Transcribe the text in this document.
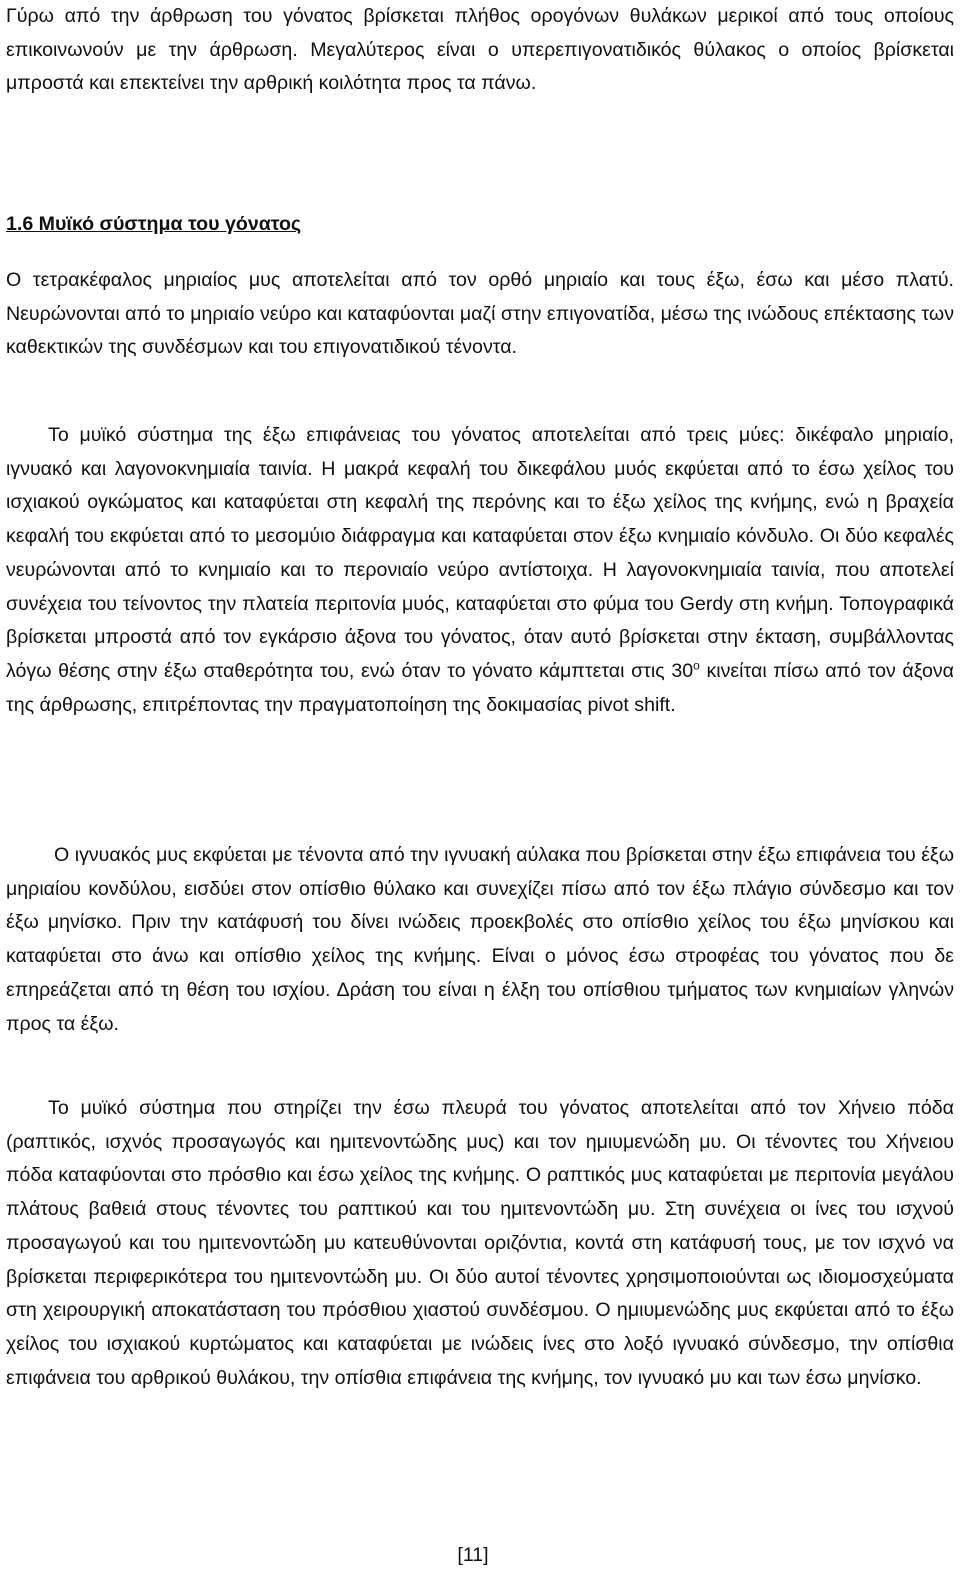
Γύρω από την άρθρωση του γόνατος βρίσκεται πλήθος ορογόνων θυλάκων μερικοί από τους οποίους επικοινωνούν με την άρθρωση. Μεγαλύτερος είναι ο υπερεπιγονατιδικός θύλακος ο οποίος βρίσκεται μπροστά και επεκτείνει την αρθρική κοιλότητα προς τα πάνω.

1.6 Μυϊκό σύστημα του γόνατος

Ο τετρακέφαλος μηριαίος μυς αποτελείται από τον ορθό μηριαίο και τους έξω, έσω και μέσο πλατύ. Νευρώνονται από το μηριαίο νεύρο και καταφύονται μαζί στην επιγονατίδα, μέσω της ινώδους επέκτασης των καθεκτικών της συνδέσμων και του επιγονατιδικού τένοντα.

Το μυϊκό σύστημα της έξω επιφάνειας του γόνατος αποτελείται από τρεις μύες: δικέφαλο μηριαίο, ιγνυακό και λαγονοκνημιαία ταινία. Η μακρά κεφαλή του δικεφάλου μυός εκφύεται από το έσω χείλος του ισχιακού ογκώματος και καταφύεται στη κεφαλή της περόνης και το έξω χείλος της κνήμης, ενώ η βραχεία κεφαλή του εκφύεται από το μεσομύιο διάφραγμα και καταφύεται στον έξω κνημιαίο κόνδυλο. Οι δύο κεφαλές νευρώνονται από το κνημιαίο και το περονιαίο νεύρο αντίστοιχα. Η λαγονοκνημιαία ταινία, που αποτελεί συνέχεια του τείνοντος την πλατεία περιτονία μυός, καταφύεται στο φύμα του Gerdy στη κνήμη. Τοπογραφικά βρίσκεται μπροστά από τον εγκάρσιο άξονα του γόνατος, όταν αυτό βρίσκεται στην έκταση, συμβάλλοντας λόγω θέσης στην έξω σταθερότητα του, ενώ όταν το γόνατο κάμπτεται στις $30^o$ κινείται πίσω από τον άξονα της άρθρωσης, επιτρέποντας την πραγματοποίηση της δοκιμασίας pivot shift.

Ο ιγνυακός μυς εκφύεται με τένοντα από την ιγνυακή αύλακα που βρίσκεται στην έξω επιφάνεια του έξω μηριαίου κονδύλου, εισδύει στον οπίσθιο θύλακο και συνεχίζει πίσω από τον έξω πλάγιο σύνδεσμο και τον έξω μηνίσκο. Πριν την κατάφυσή του δίνει ινώδεις προεκβολές στο οπίσθιο χείλος του έξω μηνίσκου και καταφύεται στο άνω και οπίσθιο χείλος της κνήμης. Είναι ο μόνος έσω στροφέας του γόνατος που δε επηρεάζεται από τη θέση του ισχίου. Δράση του είναι η έλξη του οπίσθιου τμήματος των κνημιαίων γληνών προς τα έξω.

Το μυϊκό σύστημα που στηρίζει την έσω πλευρά του γόνατος αποτελείται από τον Χήνειο πόδα (ραπτικός, ισχνός προσαγωγός και ημιτενοντώδης μυς) και τον ημιυμενώδη μυ. Οι τένοντες του Χήνειου πόδα καταφύονται στο πρόσθιο και έσω χείλος της κνήμης. Ο ραπτικός μυς καταφύεται με περιτονία μεγάλου πλάτους βαθειά στους τένοντες του ραπτικού και του ημιτενοντώδη μυ. Στη συνέχεια οι ίνες του ισχνού προσαγωγού και του ημιτενοντώδη μυ κατευθύνονται οριζόντια, κοντά στη κατάφυσή τους, με τον ισχνό να βρίσκεται περιφερικότερα του ημιτενοντώδη μυ. Οι δύο αυτοί τένοντες χρησιμοποιούνται ως ιδιομοσχεύματα στη χειρουργική αποκατάσταση του πρόσθιου χιαστού συνδέσμου. Ο ημιυμενώδης μυς εκφύεται από το έξω χείλος του ισχιακού κυρτώματος και καταφύεται με ινώδεις ίνες στο λοξό ιγνυακό σύνδεσμο, την οπίσθια επιφάνεια του αρθρικού θυλάκου, την οπίσθια επιφάνεια της κνήμης, τον ιγνυακό μυ και των έσω μηνίσκο.

[11]
